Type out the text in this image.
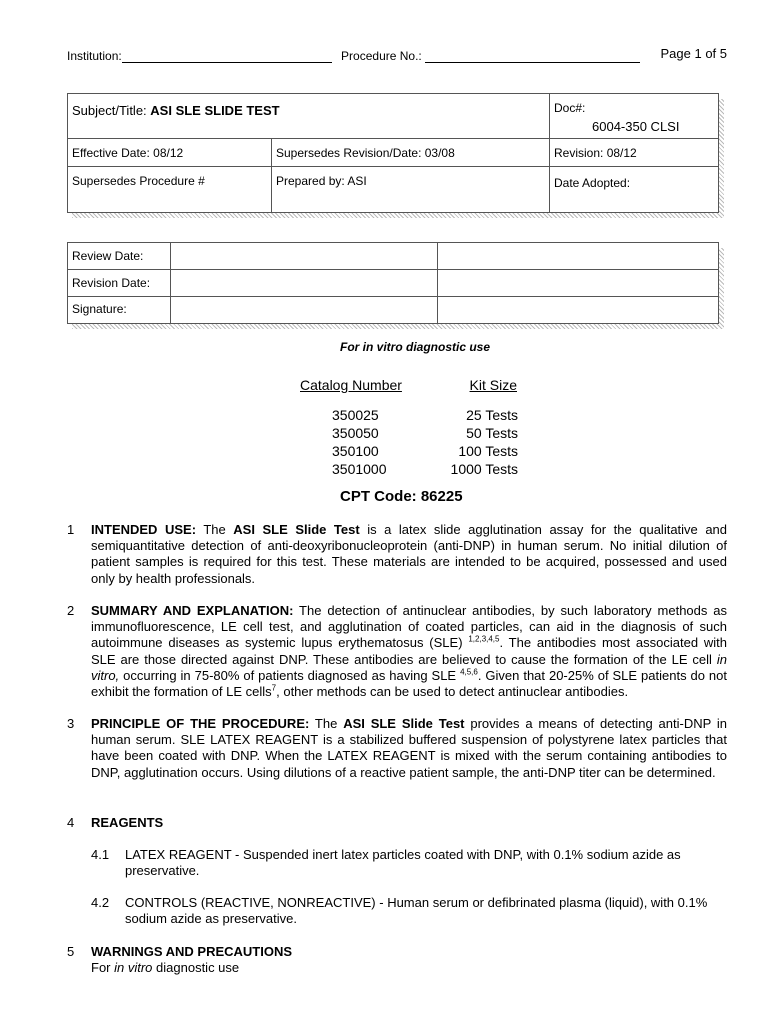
Institution:	Procedure No.:	Page 1 of 5
Subject/Title: ASI SLE SLIDE TEST		Doc#:
6004-350 CLSI

Effective Date: 08/12	Supersedes Revision/Date: 03/08	Revision: 08/12
Supersedes Procedure #	Prepared by: ASI	Date Adopted:
Review Date:		
Revision Date:		
Signature:		
For in vitro diagnostic use
Catalog Number	Kit Size
350025	25 Tests
350050	50 Tests
350100	100 Tests
3501000	1000 Tests
CPT Code: 86225
1	INTENDED USE: The ASI SLE Slide Test is a latex slide agglutination assay for the qualitative and semiquantitative detection of anti-deoxyribonucleoprotein (anti-DNP) in human serum. No initial dilution of patient samples is required for this test. These materials are intended to be acquired, possessed and used only by health professionals.
2	SUMMARY AND EXPLANATION: The detection of antinuclear antibodies, by such laboratory methods as immunofluorescence, LE cell test, and agglutination of coated particles, can aid in the diagnosis of such autoimmune diseases as systemic lupus erythematosus (SLE) $^{1,2,3,4,5}$. The antibodies most associated with SLE are those directed against DNP. These antibodies are believed to cause the formation of the LE cell in vitro, occurring in 75-80% of patients diagnosed as having SLE $^{4,5,6}$. Given that 20-25% of SLE patients do not exhibit the formation of LE cells$^7$, other methods can be used to detect antinuclear antibodies.
3	PRINCIPLE OF THE PROCEDURE: The ASI SLE Slide Test provides a means of detecting anti-DNP in human serum. SLE LATEX REAGENT is a stabilized buffered suspension of polystyrene latex particles that have been coated with DNP. When the LATEX REAGENT is mixed with the serum containing antibodies to DNP, agglutination occurs. Using dilutions of a reactive patient sample, the anti-DNP titer can be determined.
4	REAGENTS
4.1 LATEX REAGENT - Suspended inert latex particles coated with DNP, with 0.1% sodium azide as preservative.
4.2 CONTROLS (REACTIVE, NONREACTIVE) - Human serum or defibrinated plasma (liquid), with 0.1% sodium azide as preservative.
5	WARNINGS AND PRECAUTIONS
For in vitro diagnostic use
